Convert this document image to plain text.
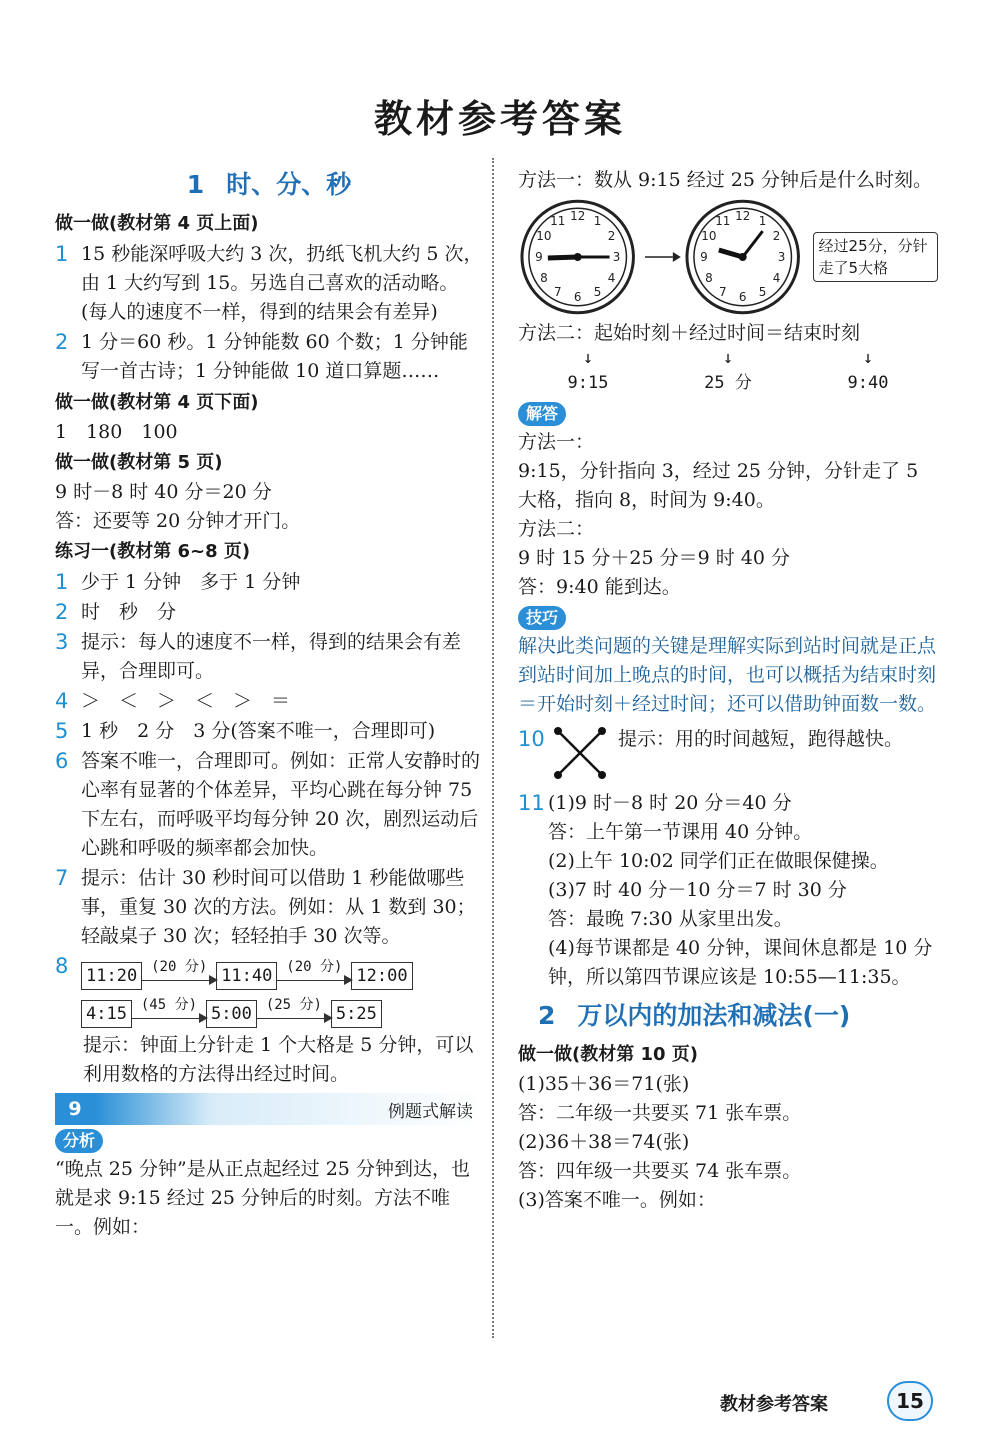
教材参考答案
1 时、分、秒
做一做(教材第 4 页上面)
1 15 秒能深呼吸大约 3 次，扔纸飞机大约 5 次，由 1 大约写到 15。另选自己喜欢的活动略。(每人的速度不一样，得到的结果会有差异)
2 1 分＝60 秒。1 分钟能数 60 个数；1 分钟能写一首古诗；1 分钟能做 10 道口算题……
做一做(教材第 4 页下面)
1　180　100
做一做(教材第 5 页)
9 时－8 时 40 分＝20 分
答：还要等 20 分钟才开门。
练习一(教材第 6~8 页)
1 少于 1 分钟　多于 1 分钟
2 时　秒　分
3 提示：每人的速度不一样，得到的结果会有差异，合理即可。
4 ＞　＜　＞　＜　＞　＝
5 1 秒　2 分　3 分(答案不唯一，合理即可)
6 答案不唯一，合理即可。例如：正常人安静时的心率有显著的个体差异，平均心跳在每分钟 75 下左右，而呼吸平均每分钟 20 次，剧烈运动后心跳和呼吸的频率都会加快。
7 提示：估计 30 秒时间可以借助 1 秒能做哪些事，重复 30 次的方法。例如：从 1 数到 30；轻敲桌子 30 次；轻轻拍手 30 次等。
8	11:20 (20 分) 11:40 (20 分) 12:00
4:15 (45 分) 5:00 (25 分) 5:25
提示：钟面上分针走 1 个大格是 5 分钟，可以利用数格的方法得出经过时间。
9	例题式解读
分析
“晚点 25 分钟”是从正点起经过 25 分钟到达，也就是求 9:15 经过 25 分钟后的时刻。方法不唯一。例如：
方法一：数从 9:15 经过 25 分钟后是什么时刻。
12 1
2
3
4
5
6
7
8
9
10
11	12 1
2
3
4
5
6
7
8
9
10
11
经过25分，分针走了5大格
方法二：起始时刻＋经过时间＝结束时刻
↓	↓	↓
9:15	25 分	9:40
解答
方法一：
9:15，分针指向 3，经过 25 分钟，分针走了 5 大格，指向 8，时间为 9:40。
方法二：
9 时 15 分＋25 分＝9 时 40 分
答：9:40 能到达。
技巧
解决此类问题的关键是理解实际到站时间就是正点到站时间加上晚点的时间，也可以概括为结束时刻＝开始时刻＋经过时间；还可以借助钟面数一数。
10	提示：用的时间越短，跑得越快。
11 (1)9 时－8 时 20 分＝40 分
答：上午第一节课用 40 分钟。
(2)上午 10:02 同学们正在做眼保健操。
(3)7 时 40 分－10 分＝7 时 30 分
答：最晚 7:30 从家里出发。
(4)每节课都是 40 分钟，课间休息都是 10 分钟，所以第四节课应该是 10:55—11:35。
2 万以内的加法和减法(一)
做一做(教材第 10 页)
(1)35＋36＝71(张)
答：二年级一共要买 71 张车票。
(2)36＋38＝74(张)
答：四年级一共要买 74 张车票。
(3)答案不唯一。例如：
教材参考答案	15
